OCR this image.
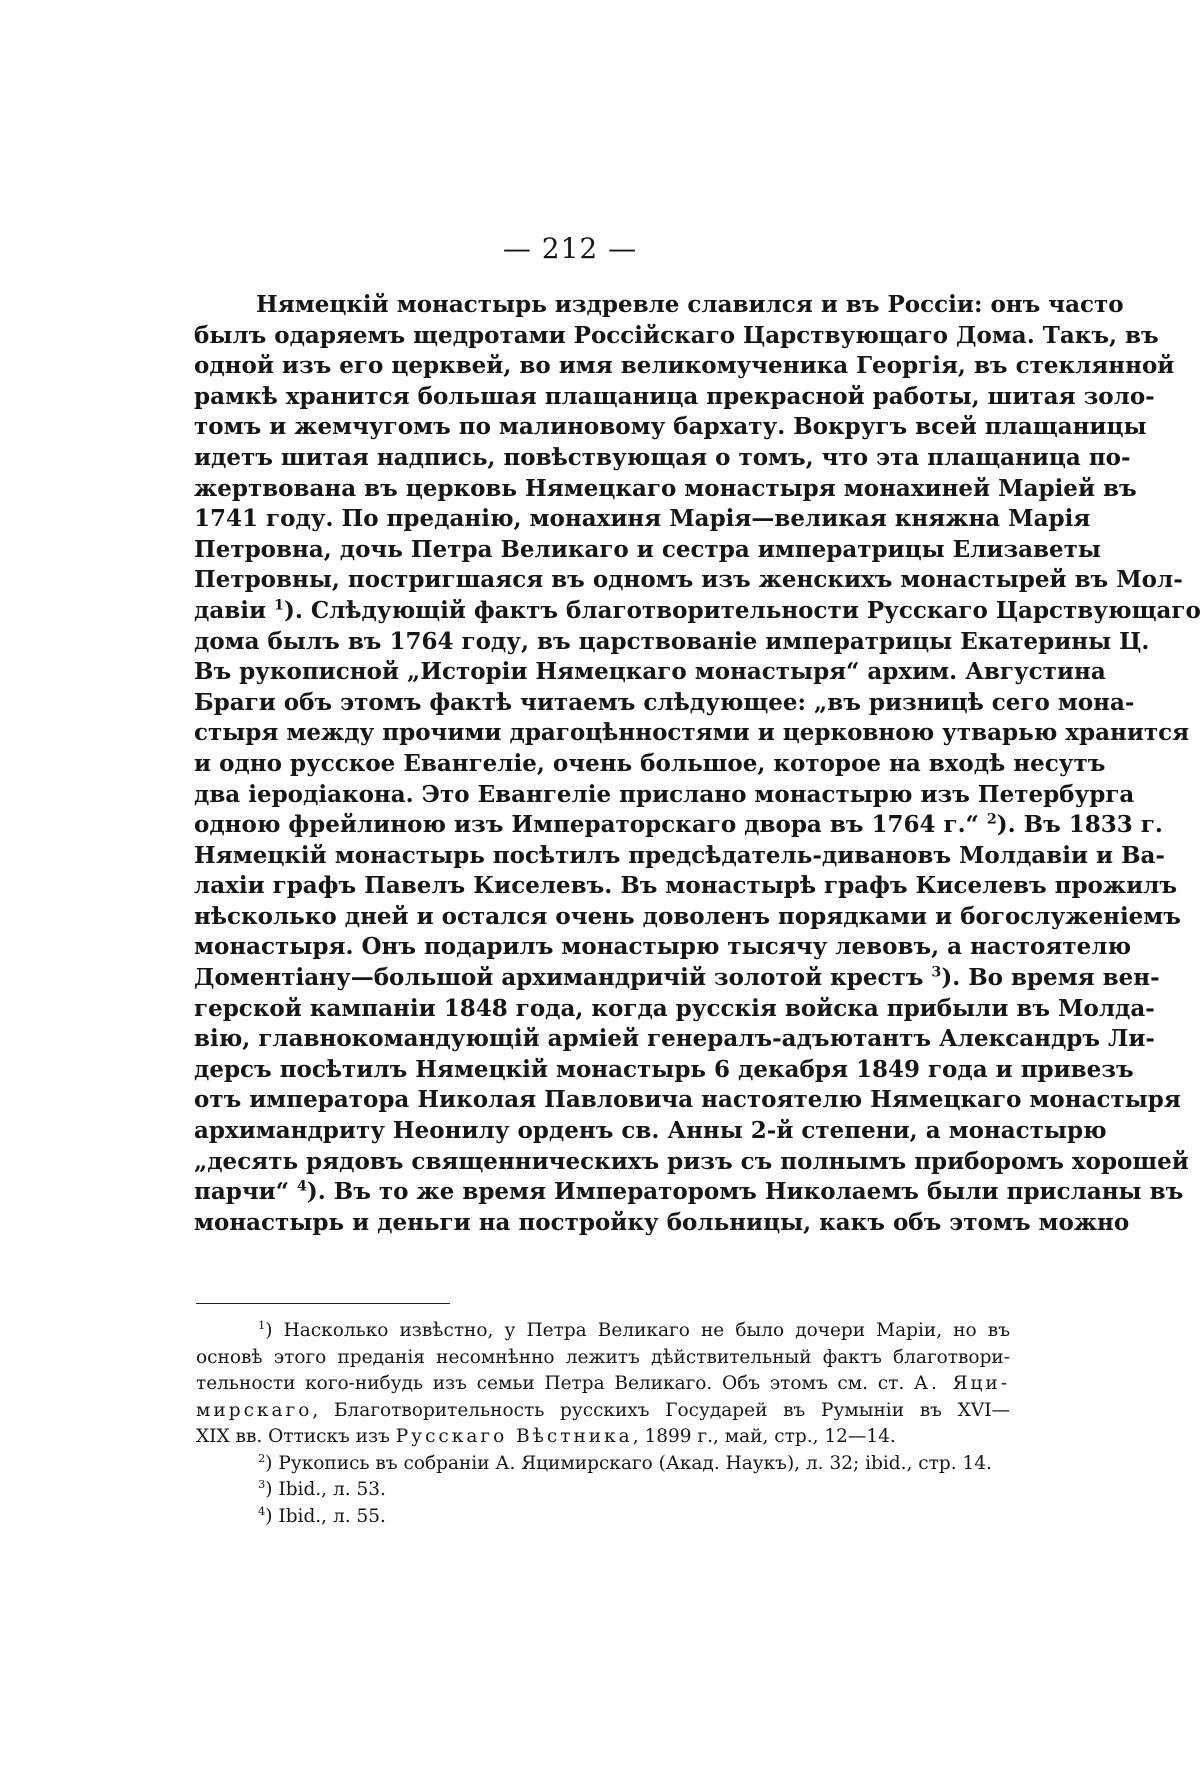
— 212 —
Нямецкій монастырь издревле славился и въ Россіи: онъ часто
былъ одаряемъ щедротами Россійскаго Царствующаго Дома. Такъ, въ
одной изъ его церквей, во имя великомученика Георгія, въ стеклянной
рамкѣ хранится большая плащаница прекрасной работы, шитая золо-
томъ и жемчугомъ по малиновому бархату. Вокругъ всей плащаницы
идетъ шитая надпись, повѣствующая о томъ, что эта плащаница по-
жертвована въ церковь Нямецкаго монастыря монахиней Маріей въ
1741 году. По преданію, монахиня Марія—великая княжна Марія
Петровна, дочь Петра Великаго и сестра императрицы Елизаветы
Петровны, постригшаяся въ одномъ изъ женскихъ монастырей въ Мол-
давіи $^1$). Слѣдующій фактъ благотворительности Русскаго Царствующаго
дома былъ въ 1764 году, въ царствованіе императрицы Екатерины Ц.
Въ рукописной „Исторіи Нямецкаго монастыря“ архим. Августина
Браги объ этомъ фактѣ читаемъ слѣдующее: „въ ризницѣ сего мона-
стыря между прочими драгоцѣнностями и церковною утварью хранится
и одно русское Евангеліе, очень большое, которое на входѣ несутъ
два іеродіакона. Это Евангеліе прислано монастырю изъ Петербурга
одною фрейлиною изъ Императорскаго двора въ 1764 г.“ $^2$). Въ 1833 г.
Нямецкій монастырь посѣтилъ предсѣдатель-дивановъ Молдавіи и Ва-
лахіи графъ Павелъ Киселевъ. Въ монастырѣ графъ Киселевъ прожилъ
нѣсколько дней и остался очень доволенъ порядками и богослуженіемъ
монастыря. Онъ подарилъ монастырю тысячу левовъ, а настоятелю
Доментіану—большой архимандричій золотой крестъ $^3$). Во время вен-
герской кампаніи 1848 года, когда русскія войска прибыли въ Молда-
вію, главнокомандующій арміей генералъ-адъютантъ Александръ Ли-
дерсъ посѣтилъ Нямецкій монастырь 6 декабря 1849 года и привезъ
отъ императора Николая Павловича настоятелю Нямецкаго монастыря
архимандриту Неонилу орденъ св. Анны 2-й степени, а монастырю
„десять рядовъ священническихъ ризъ съ полнымъ приборомъ хорошей
парчи“ $^4$). Въ то же время Императоромъ Николаемъ были присланы въ
монастырь и деньги на постройку больницы, какъ объ этомъ можно
$^1$) Насколько извѣстно, у Петра Великаго не было дочери Маріи, но въ
основѣ этого преданія несомнѣнно лежитъ дѣйствительный фактъ благотвори-
тельности кого-нибудь изъ семьи Петра Великаго. Объ этомъ см. ст. А. Яци-
мирскаго, Благотворительность русскихъ Государей въ Румыніи въ XVI—
XIX вв. Оттискъ изъ Русскаго Вѣстника, 1899 г., май, стр., 12—14.
$^2$) Рукопись въ собраніи А. Яцимирскаго (Акад. Наукъ), л. 32; ibid., стр. 14.
$^3$) Ibid., л. 53.
$^4$) Ibid., л. 55.
